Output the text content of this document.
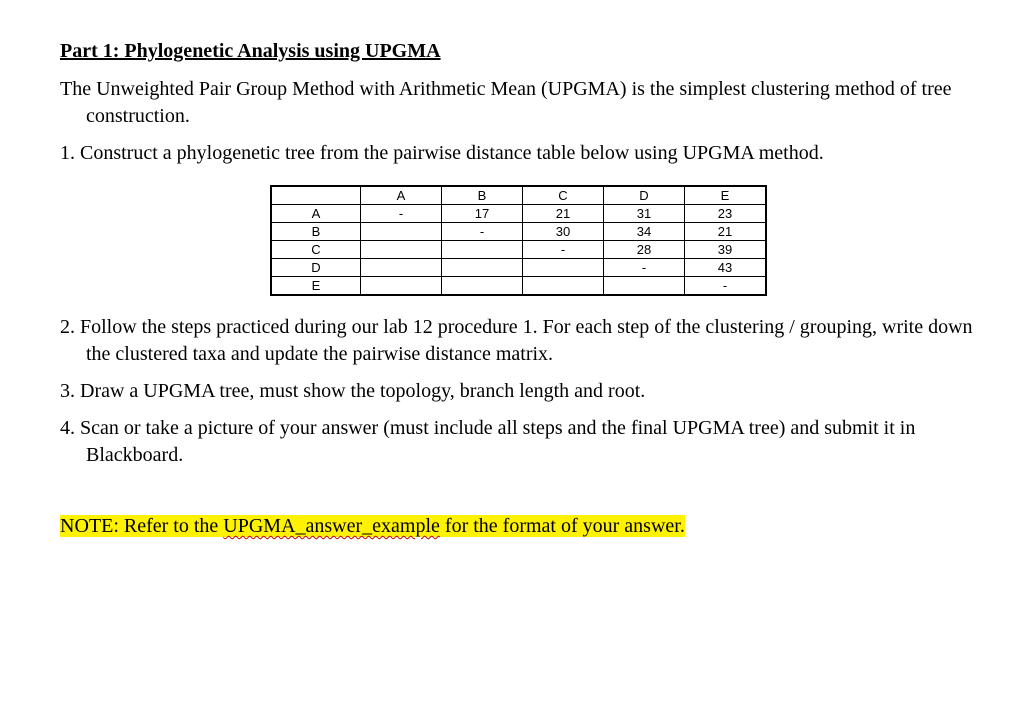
Part 1: Phylogenetic Analysis using UPGMA

The Unweighted Pair Group Method with Arithmetic Mean (UPGMA) is the simplest clustering method of tree construction.

1. Construct a phylogenetic tree from the pairwise distance table below using UPGMA method.

	A	B	C	D	E
A	-	17	21	31	23
B		-	30	34	21
C			-	28	39
D				-	43
E					-

2. Follow the steps practiced during our lab 12 procedure 1. For each step of the clustering / grouping, write down the clustered taxa and update the pairwise distance matrix.

3. Draw a UPGMA tree, must show the topology, branch length and root.

4. Scan or take a picture of your answer (must include all steps and the final UPGMA tree) and submit it in Blackboard.

NOTE: Refer to the UPGMA_answer_example for the format of your answer.
